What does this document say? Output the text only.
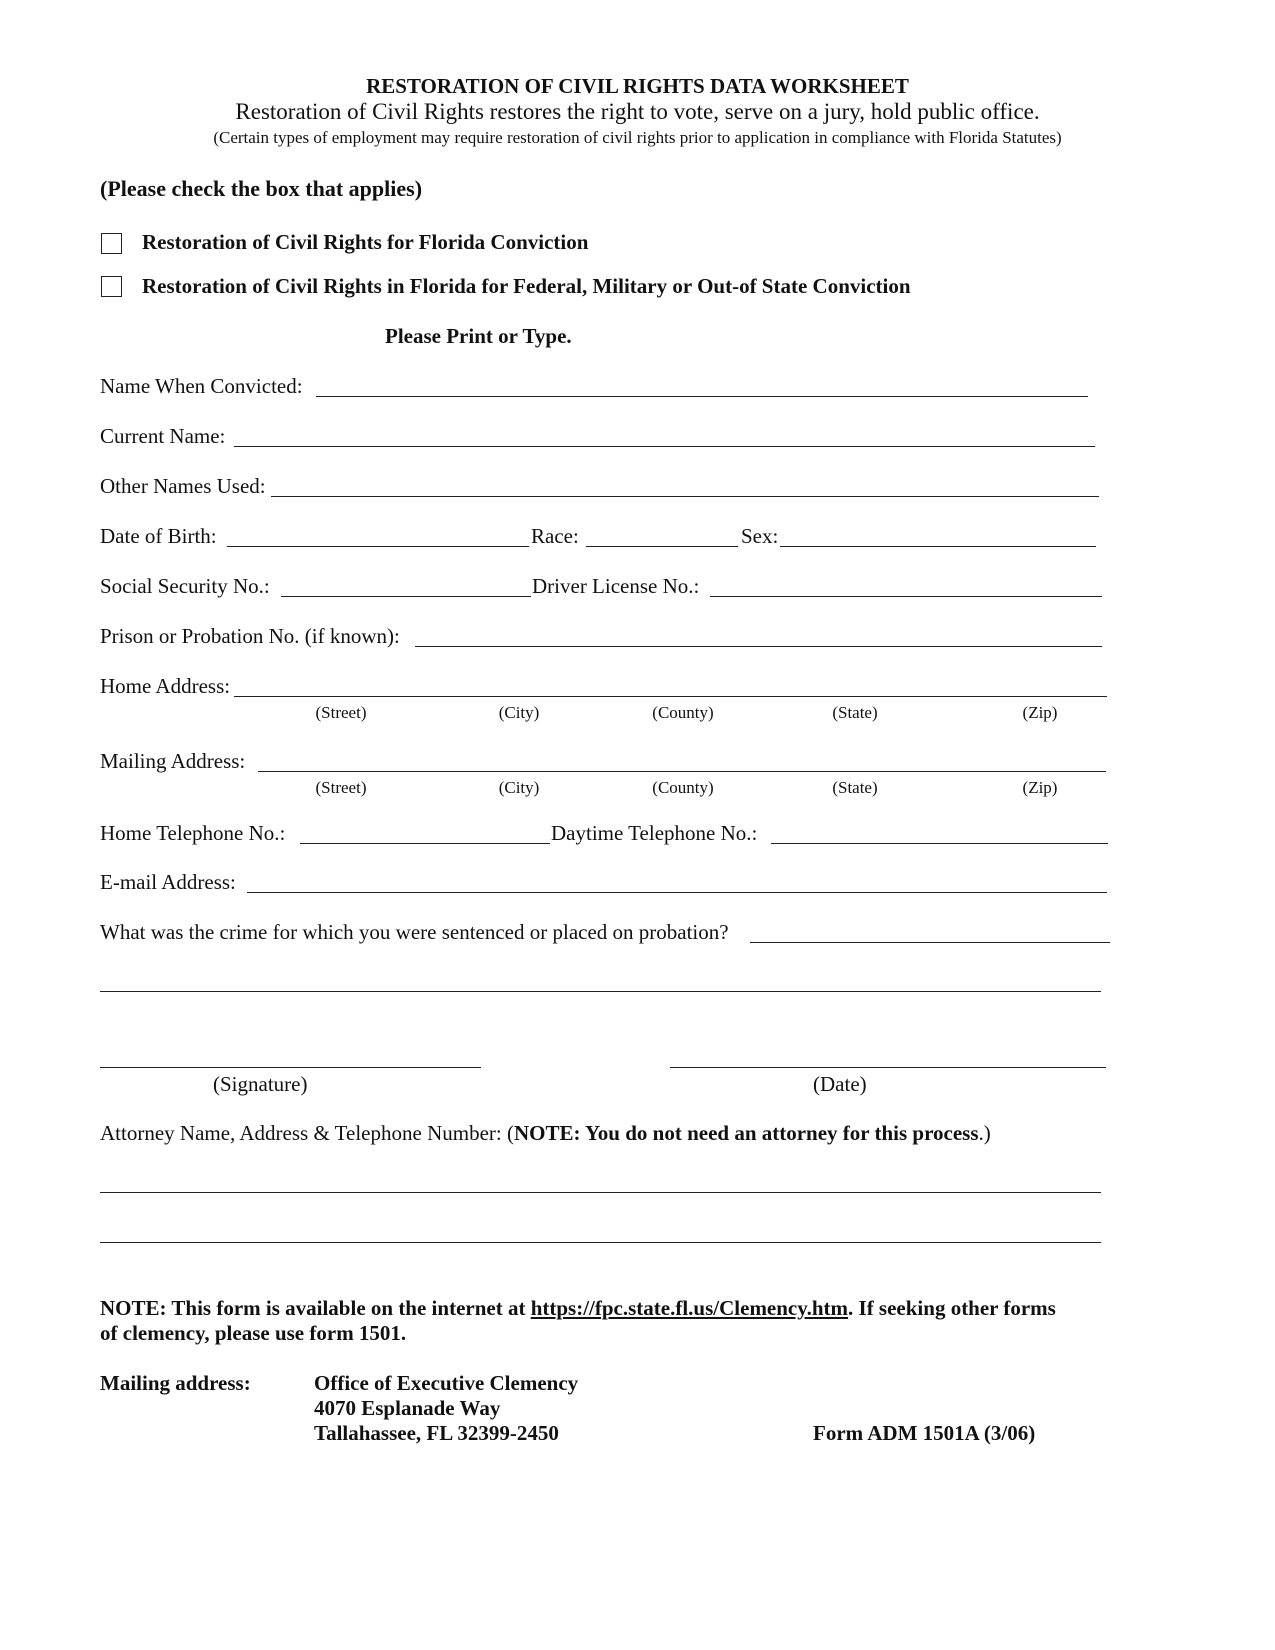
RESTORATION OF CIVIL RIGHTS DATA WORKSHEET
Restoration of Civil Rights restores the right to vote, serve on a jury, hold public office.
(Certain types of employment may require restoration of civil rights prior to application in compliance with Florida Statutes)
(Please check the box that applies)
Restoration of Civil Rights for Florida Conviction
Restoration of Civil Rights in Florida for Federal, Military or Out-of State Conviction
Please Print or Type.
Name When Convicted:
Current Name:
Other Names Used:
Date of Birth:	Race:	Sex:
Social Security No.:	Driver License No.:
Prison or Probation No. (if known):
Home Address:
(Street)	(City)	(County)	(State)	(Zip)
Mailing Address:
(Street)	(City)	(County)	(State)	(Zip)
Home Telephone No.:	Daytime Telephone No.:
E-mail Address:
What was the crime for which you were sentenced or placed on probation?
(Signature)	(Date)
Attorney Name, Address & Telephone Number: (NOTE: You do not need an attorney for this process.)
NOTE: This form is available on the internet at https://fpc.state.fl.us/Clemency.htm. If seeking other forms
of clemency, please use form 1501.
Mailing address:	Office of Executive Clemency
4070 Esplanade Way
Tallahassee, FL 32399-2450	Form ADM 1501A (3/06)
